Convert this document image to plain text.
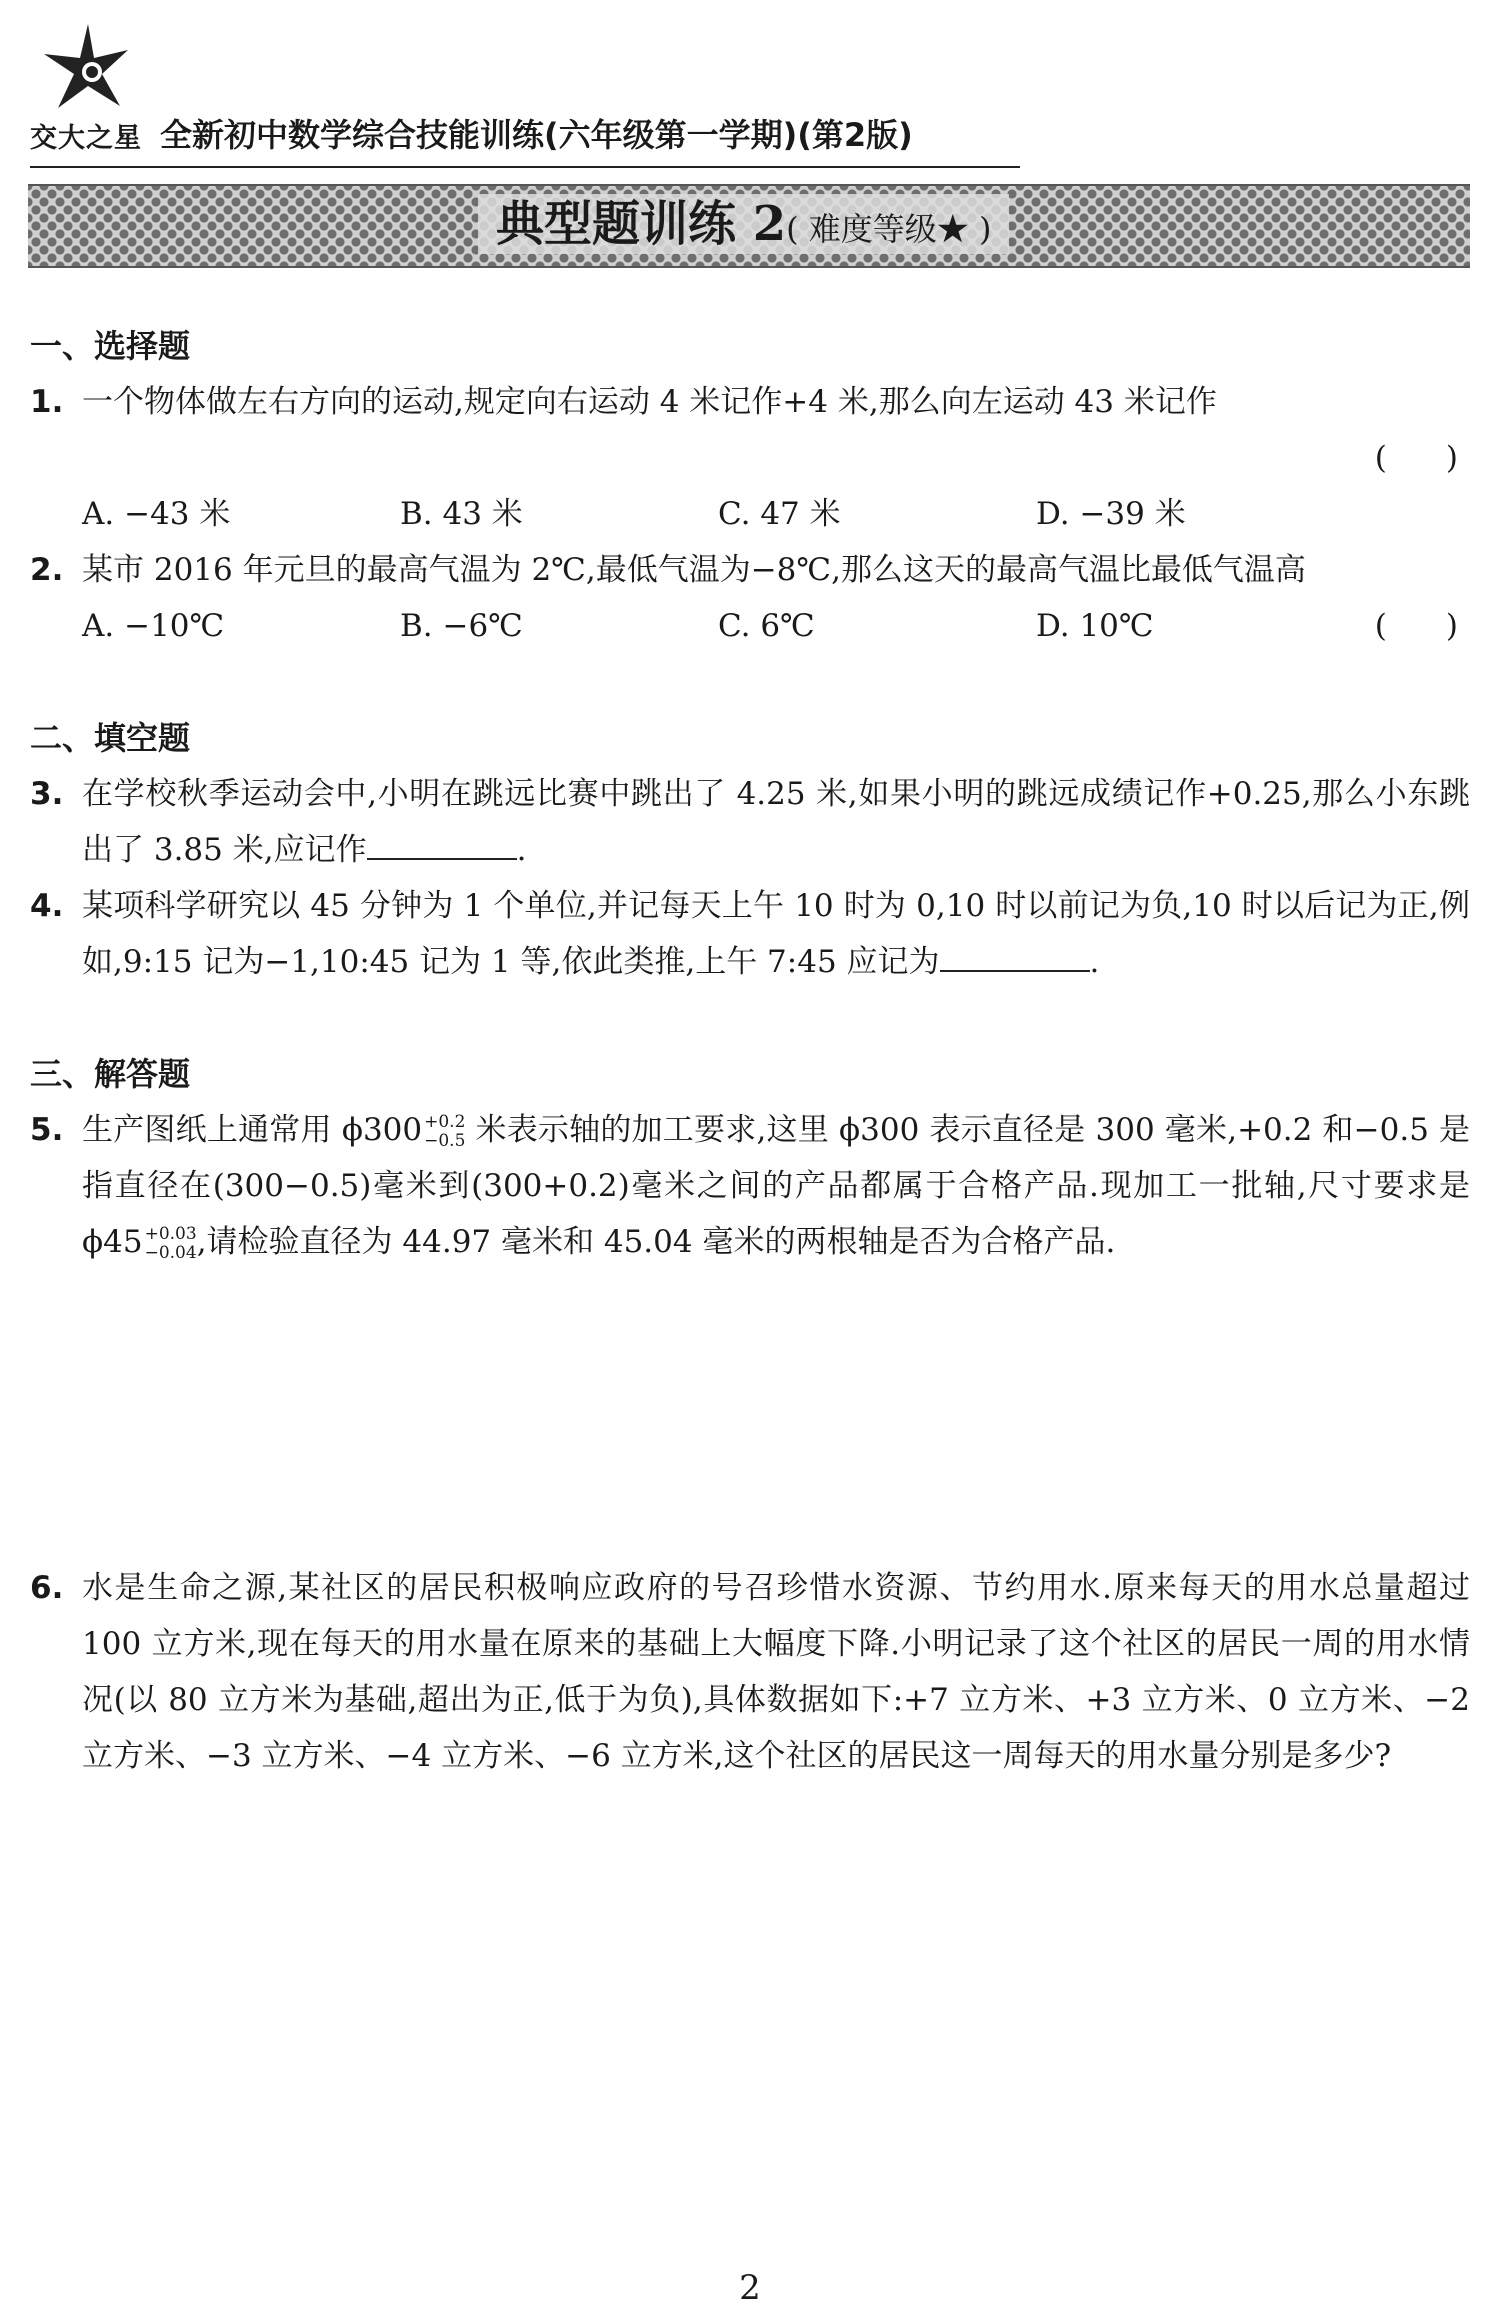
交大之星 全新初中数学综合技能训练(六年级第一学期)(第2版)
典型题训练 2( 难度等级★ )
一、选择题
1. 一个物体做左右方向的运动,规定向右运动 4 米记作+4 米,那么向左运动 43 米记作
(      )
A. −43 米	B. 43 米	C. 47 米	D. −39 米
2.
(      )
某市 2016 年元旦的最高气温为 2℃,最低气温为−8℃,那么这天的最高气温比最低气温高
A. −10℃	B. −6℃	C. 6℃	D. 10℃
二、填空题
3. 在学校秋季运动会中,小明在跳远比赛中跳出了 4.25 米,如果小明的跳远成绩记作+0.25,那么小东跳出了 3.85 米,应记作	.
4. 某项科学研究以 45 分钟为 1 个单位,并记每天上午 10 时为 0,10 时以前记为负,10 时以后记为正,例如,9:15 记为−1,10:45 记为 1 等,依此类推,上午 7:45 应记为	.
三、解答题
5. 生产图纸上通常用 ϕ300 +0.2
−0.5 米表示轴的加工要求,这里 ϕ300 表示直径是 300 毫米,+0.2 和−0.5 是指直径在(300−0.5)毫米到(300+0.2)毫米之间的产品都属于合格产品.现加工一批轴,尺寸要求是 ϕ45 +0.03
−0.04 ,请检验直径为 44.97 毫米和 45.04 毫米的两根轴是否为合格产品.
6. 水是生命之源,某社区的居民积极响应政府的号召珍惜水资源、节约用水.原来每天的用水总量超过 100 立方米,现在每天的用水量在原来的基础上大幅度下降.小明记录了这个社区的居民一周的用水情况(以 80 立方米为基础,超出为正,低于为负),具体数据如下:+7 立方米、+3 立方米、0 立方米、−2 立方米、−3 立方米、−4 立方米、−6 立方米,这个社区的居民这一周每天的用水量分别是多少?
2
